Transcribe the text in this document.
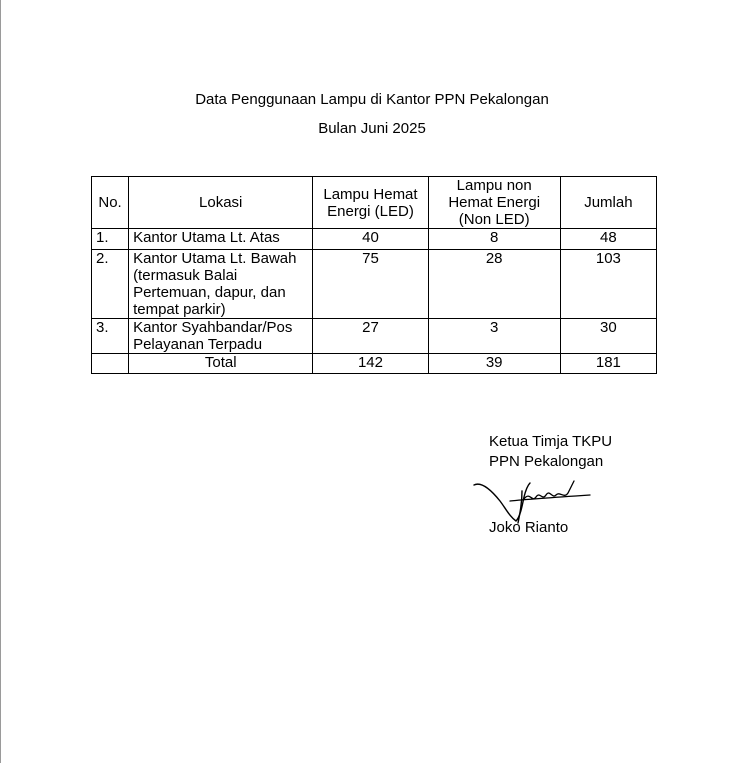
Data Penggunaan Lampu di Kantor PPN Pekalongan
Bulan Juni 2025
No.	Lokasi	Lampu Hemat Energi (LED)	Lampu non Hemat Energi (Non LED)	Jumlah
1.	Kantor Utama Lt. Atas	40	8	48
2.	Kantor Utama Lt. Bawah (termasuk Balai Pertemuan, dapur, dan tempat parkir)	75	28	103
3.	Kantor Syahbandar/Pos Pelayanan Terpadu	27	3	30
	Total	142	39	181
Ketua Timja TKPU
PPN Pekalongan
Joko Rianto
